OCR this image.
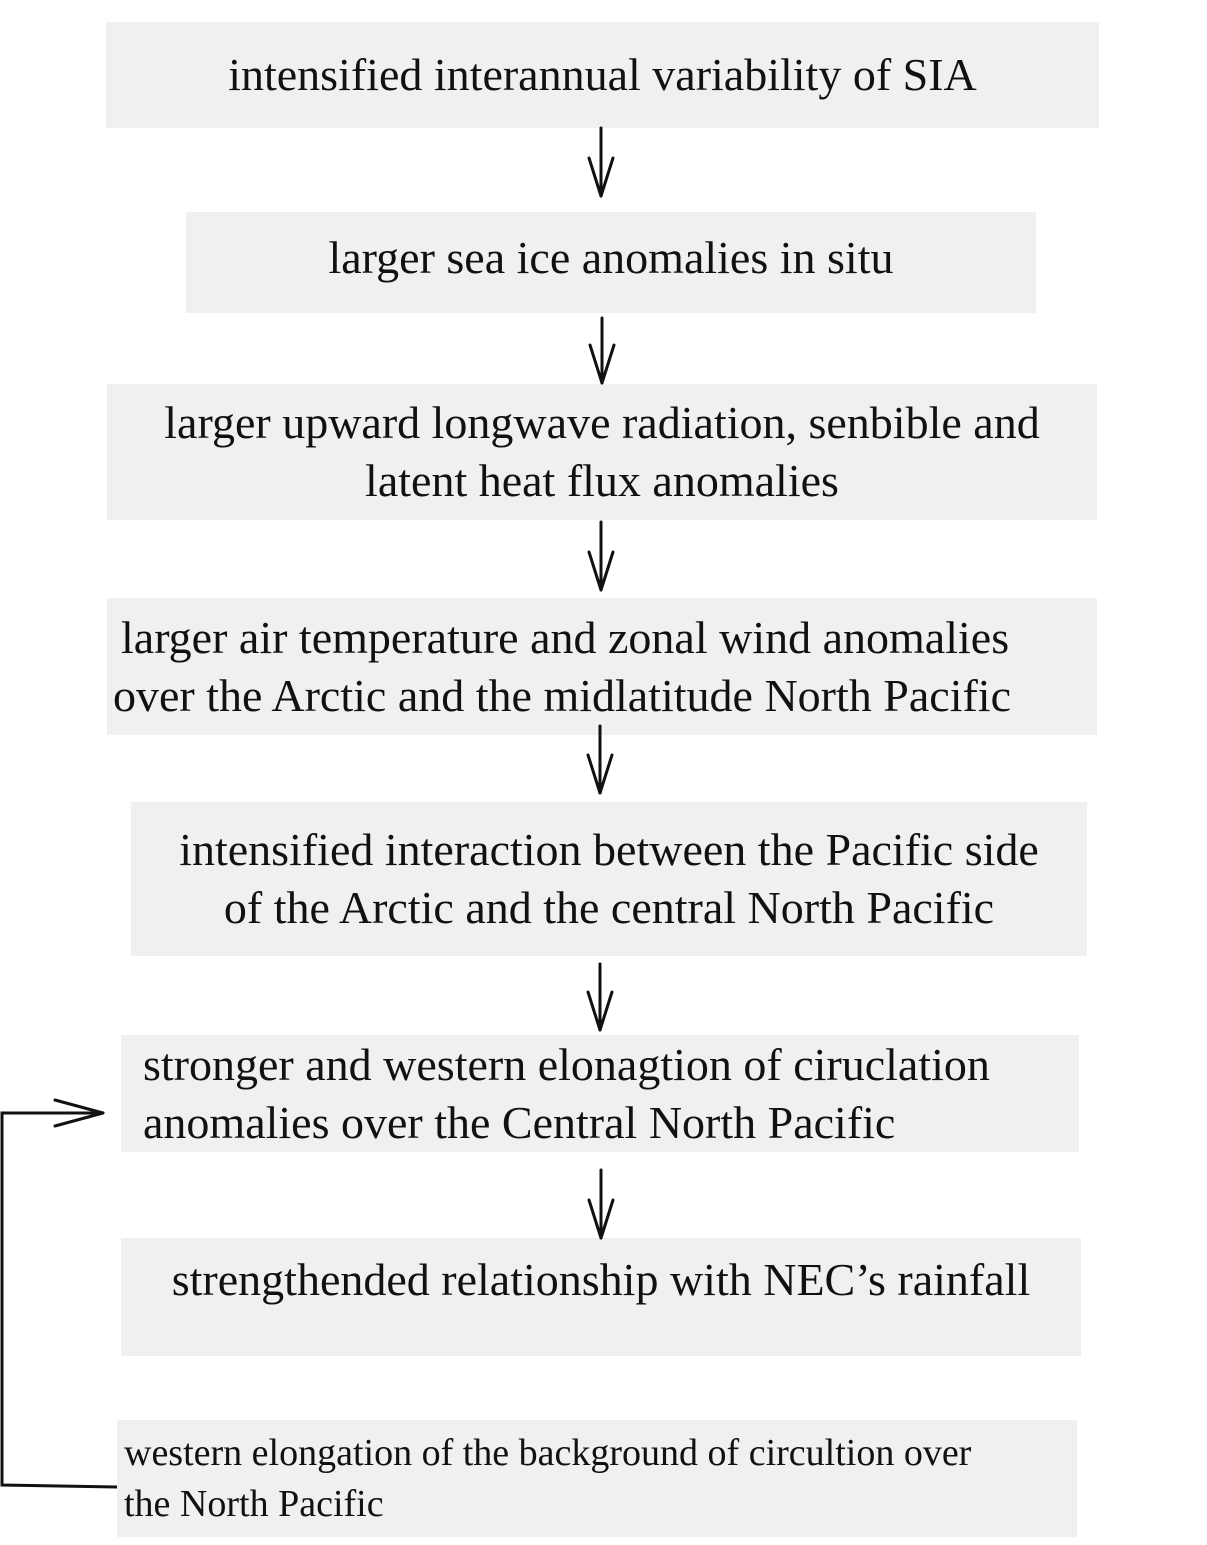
intensified interannual variability of SIA
larger sea ice anomalies in situ
larger upward longwave radiation, senbible and
latent heat flux anomalies
larger air temperature and zonal wind anomalies
over the Arctic and the midlatitude North Pacific
intensified interaction between the Pacific side
of the Arctic and the central North Pacific
stronger and western elonagtion of ciruclation
anomalies over the Central North Pacific
strengthended relationship with NEC’s rainfall
western elongation of the background of circultion over
the North Pacific
